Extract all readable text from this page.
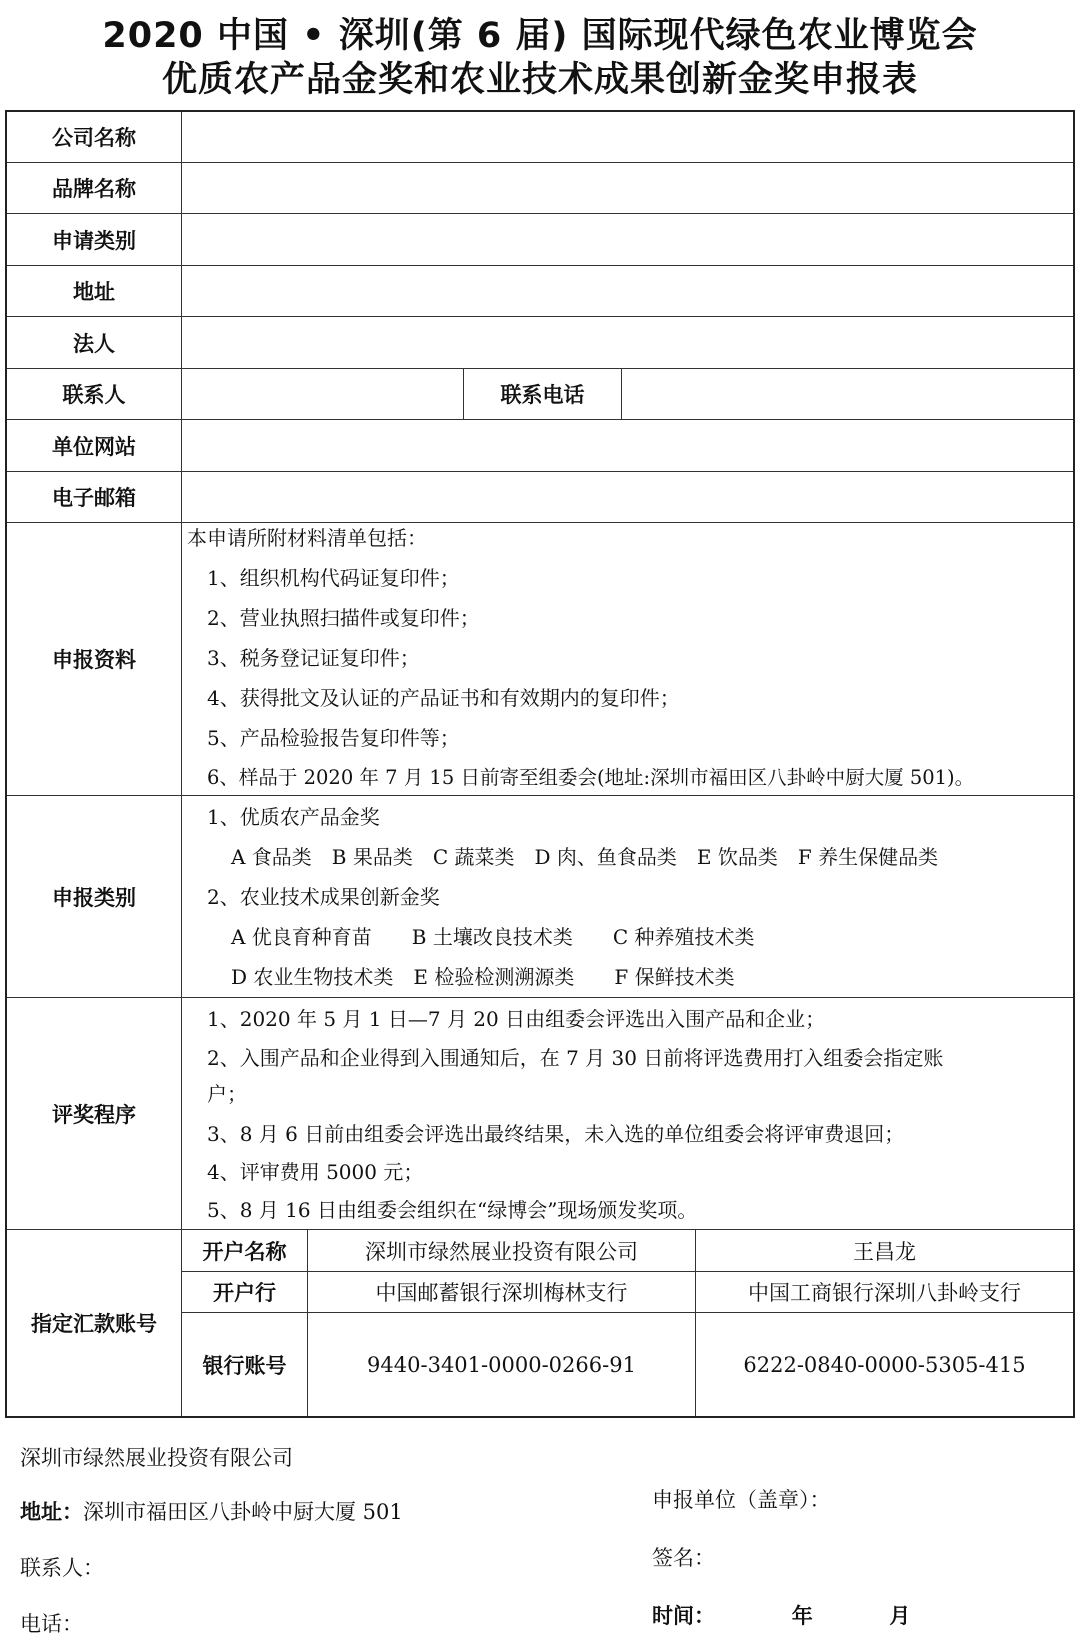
2020 中国 • 深圳(第 6 届) 国际现代绿色农业博览会
优质农产品金奖和农业技术成果创新金奖申报表
公司名称
品牌名称
申请类别
地址
法人
联系人	联系电话
单位网站
电子邮箱
申报资料
本申请所附材料清单包括：
1、组织机构代码证复印件；
2、营业执照扫描件或复印件；
3、税务登记证复印件；
4、获得批文及认证的产品证书和有效期内的复印件；
5、产品检验报告复印件等；
6、样品于 2020 年 7 月 15 日前寄至组委会(地址:深圳市福田区八卦岭中厨大厦 501)。
申报类别
1、优质农产品金奖
A 食品类　B 果品类　C 蔬菜类　D 肉、鱼食品类　E 饮品类　F 养生保健品类
2、农业技术成果创新金奖
A 优良育种育苗　　B 土壤改良技术类　　C 种养殖技术类
D 农业生物技术类　E 检验检测溯源类　　F 保鲜技术类
评奖程序
1、2020 年 5 月 1 日—7 月 20 日由组委会评选出入围产品和企业；
2、入围产品和企业得到入围通知后，在 7 月 30 日前将评选费用打入组委会指定账
户；
3、8 月 6 日前由组委会评选出最终结果，未入选的单位组委会将评审费退回；
4、评审费用 5000 元；
5、8 月 16 日由组委会组织在“绿博会”现场颁发奖项。
指定汇款账号
开户名称	深圳市绿然展业投资有限公司	王昌龙
开户行	中国邮蓄银行深圳梅林支行	中国工商银行深圳八卦岭支行
银行账号	9440-3401-0000-0266-91	6222-0840-0000-5305-415
深圳市绿然展业投资有限公司
地址：深圳市福田区八卦岭中厨大厦 501
联系人：
电话：
申报单位（盖章）：
签名：
时间：	年	月
